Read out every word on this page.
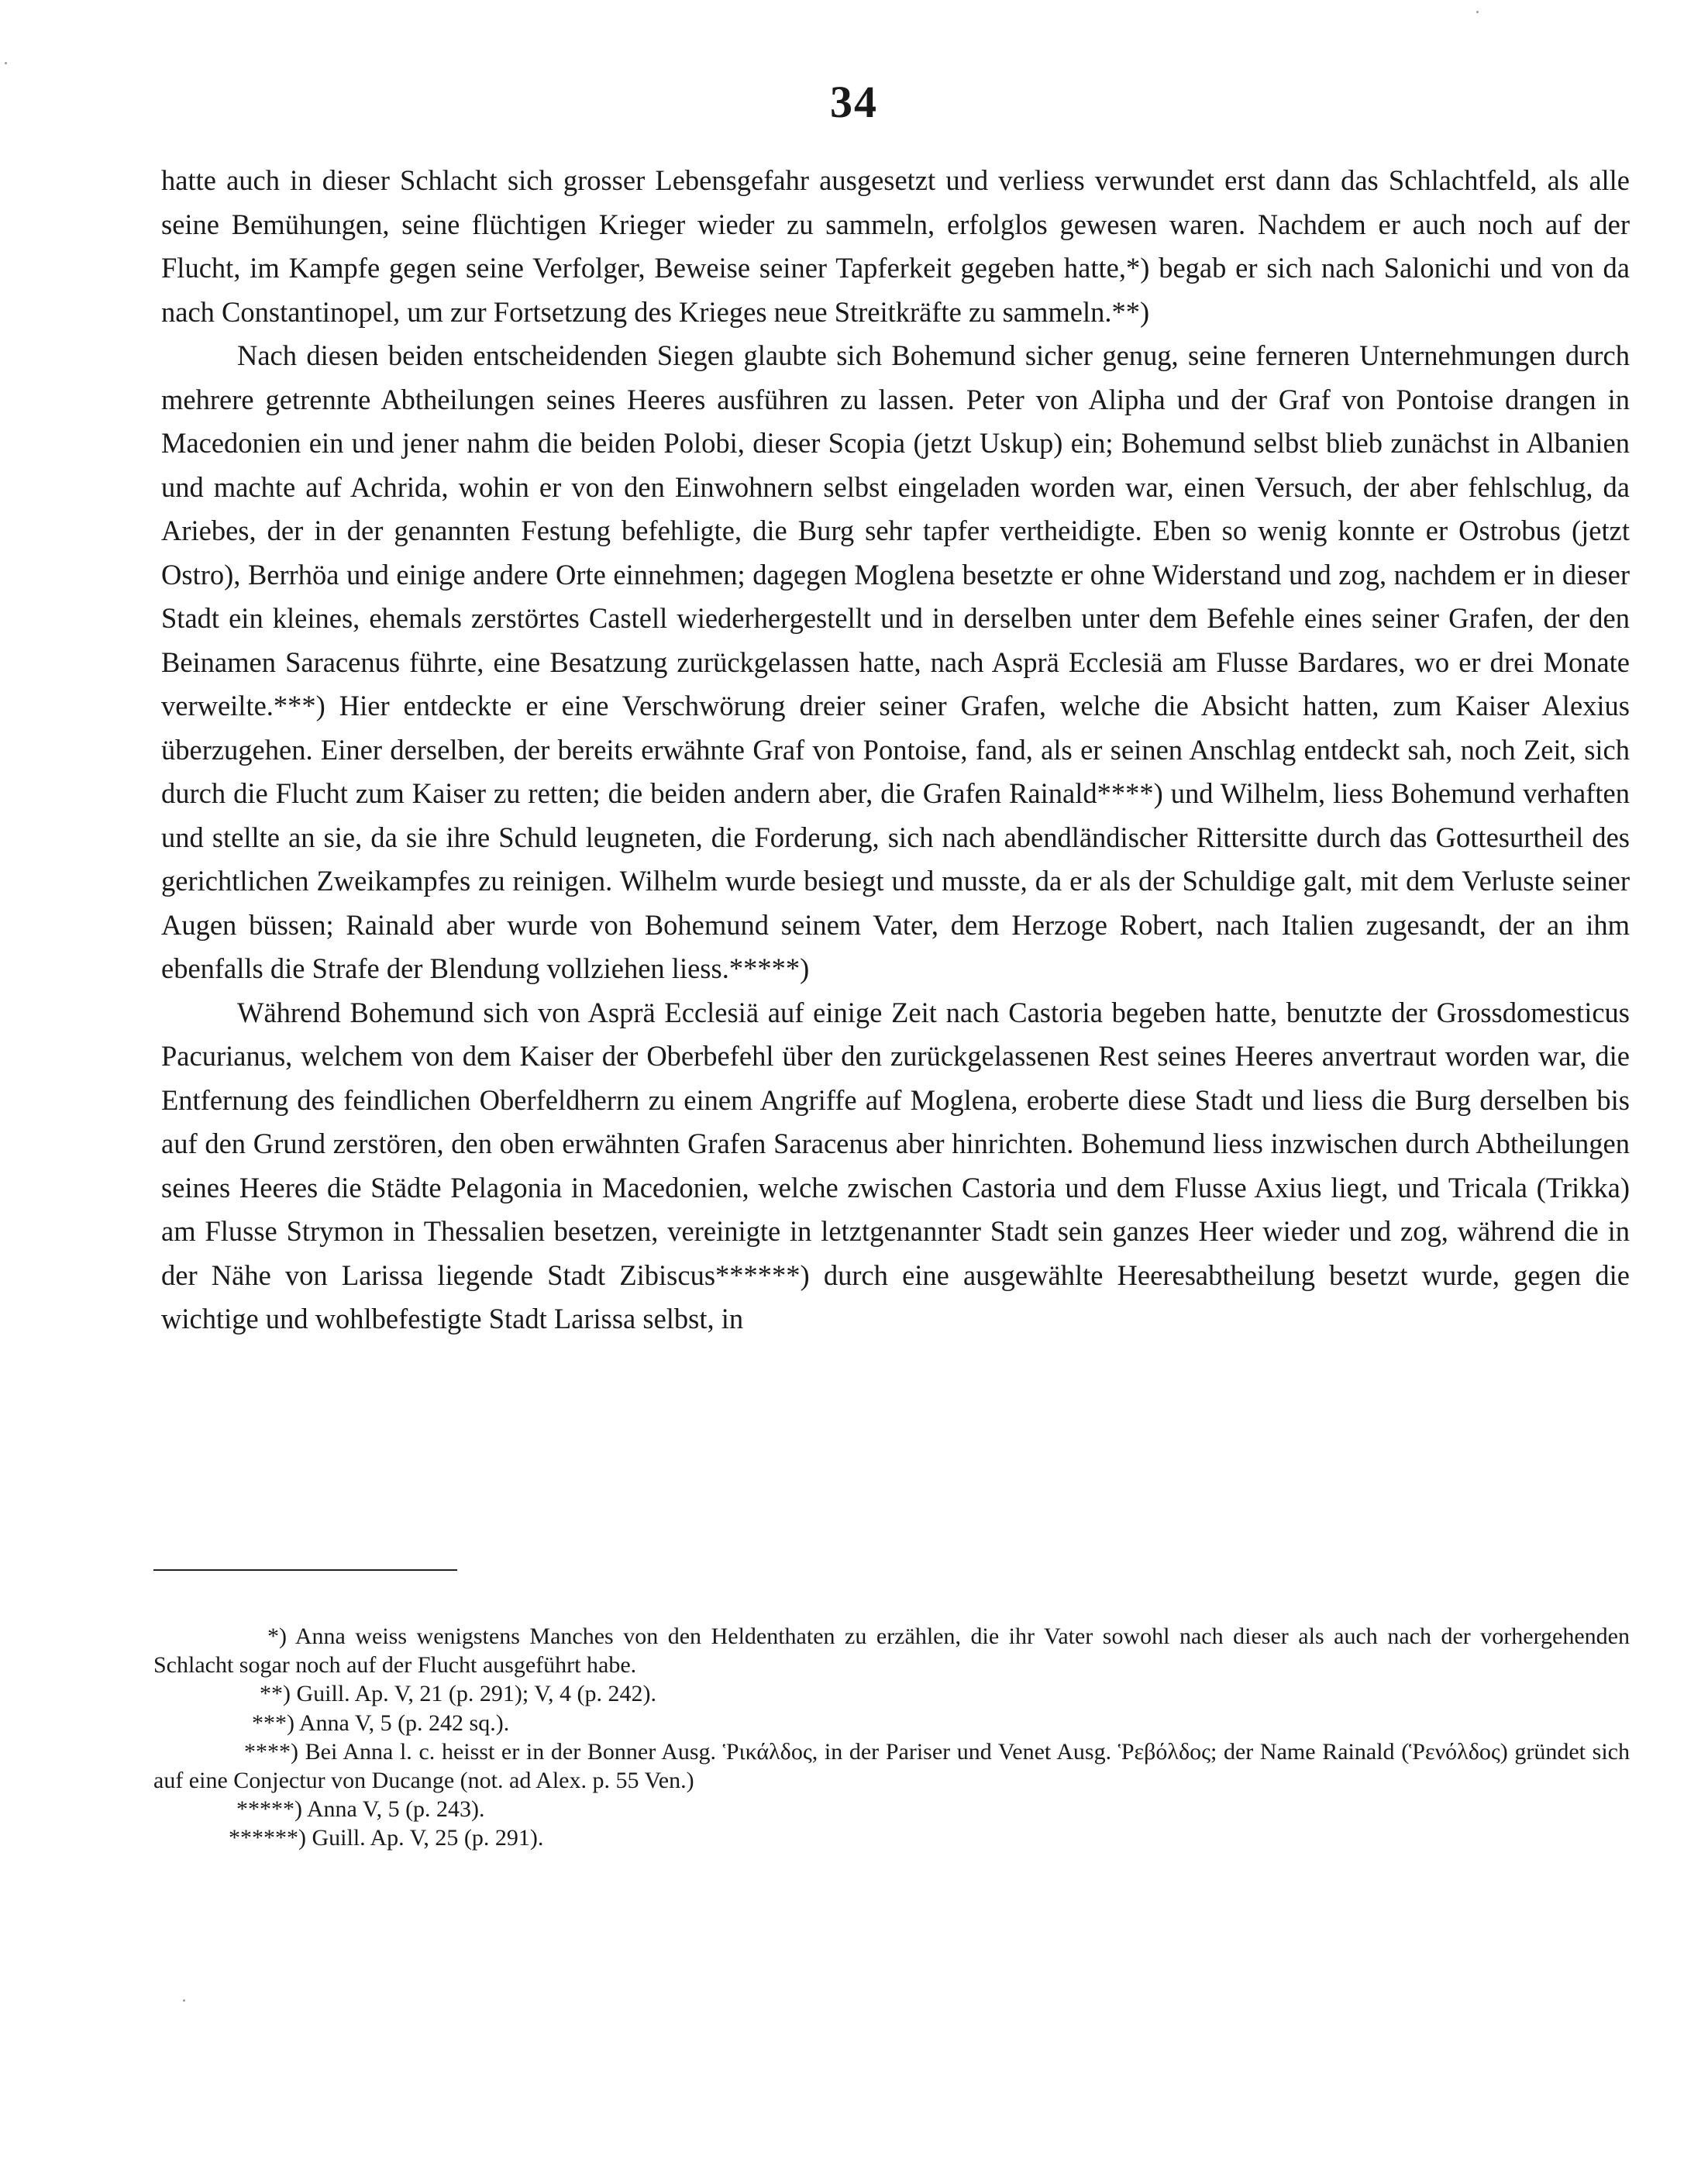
34

hatte auch in dieser Schlacht sich grosser Lebensgefahr ausgesetzt und verliess verwundet erst dann das Schlachtfeld, als alle seine Bemühungen, seine flüchtigen Krieger wieder zu sammeln, erfolglos gewesen waren. Nachdem er auch noch auf der Flucht, im Kampfe gegen seine Verfolger, Beweise seiner Tapferkeit gegeben hatte,*) begab er sich nach Salonichi und von da nach Constantinopel, um zur Fortsetzung des Krieges neue Streitkräfte zu sammeln.**)

Nach diesen beiden entscheidenden Siegen glaubte sich Bohemund sicher genug, seine ferneren Unternehmungen durch mehrere getrennte Abtheilungen seines Heeres ausführen zu lassen. Peter von Alipha und der Graf von Pontoise drangen in Macedonien ein und jener nahm die beiden Polobi, dieser Scopia (jetzt Uskup) ein; Bohemund selbst blieb zunächst in Albanien und machte auf Achrida, wohin er von den Einwohnern selbst eingeladen worden war, einen Versuch, der aber fehlschlug, da Ariebes, der in der genannten Festung befehligte, die Burg sehr tapfer vertheidigte. Eben so wenig konnte er Ostrobus (jetzt Ostro), Berrhöa und einige andere Orte einnehmen; dagegen Moglena besetzte er ohne Widerstand und zog, nachdem er in dieser Stadt ein kleines, ehemals zerstörtes Castell wiederhergestellt und in derselben unter dem Befehle eines seiner Grafen, der den Beinamen Saracenus führte, eine Besatzung zurückgelassen hatte, nach Asprä Ecclesiä am Flusse Bardares, wo er drei Monate verweilte.***) Hier entdeckte er eine Verschwörung dreier seiner Grafen, welche die Absicht hatten, zum Kaiser Alexius überzugehen. Einer derselben, der bereits erwähnte Graf von Pontoise, fand, als er seinen Anschlag entdeckt sah, noch Zeit, sich durch die Flucht zum Kaiser zu retten; die beiden andern aber, die Grafen Rainald****) und Wilhelm, liess Bohemund verhaften und stellte an sie, da sie ihre Schuld leugneten, die Forderung, sich nach abendländischer Rittersitte durch das Gottesurtheil des gerichtlichen Zweikampfes zu reinigen. Wilhelm wurde besiegt und musste, da er als der Schuldige galt, mit dem Verluste seiner Augen büssen; Rainald aber wurde von Bohemund seinem Vater, dem Herzoge Robert, nach Italien zugesandt, der an ihm ebenfalls die Strafe der Blendung vollziehen liess.*****)

Während Bohemund sich von Asprä Ecclesiä auf einige Zeit nach Castoria begeben hatte, benutzte der Grossdomesticus Pacurianus, welchem von dem Kaiser der Oberbefehl über den zurückgelassenen Rest seines Heeres anvertraut worden war, die Entfernung des feindlichen Oberfeldherrn zu einem Angriffe auf Moglena, eroberte diese Stadt und liess die Burg derselben bis auf den Grund zerstören, den oben erwähnten Grafen Saracenus aber hinrichten. Bohemund liess inzwischen durch Abtheilungen seines Heeres die Städte Pelagonia in Macedonien, welche zwischen Castoria und dem Flusse Axius liegt, und Tricala (Trikka) am Flusse Strymon in Thessalien besetzen, vereinigte in letztgenannter Stadt sein ganzes Heer wieder und zog, während die in der Nähe von Larissa liegende Stadt Zibiscus******) durch eine ausgewählte Heeresabtheilung besetzt wurde, gegen die wichtige und wohlbefestigte Stadt Larissa selbst, in

*) Anna weiss wenigstens Manches von den Heldenthaten zu erzählen, die ihr Vater sowohl nach dieser als auch nach der vorhergehenden Schlacht sogar noch auf der Flucht ausgeführt habe.

**) Guill. Ap. V, 21 (p. 291); V, 4 (p. 242).

***) Anna V, 5 (p. 242 sq.).

****) Bei Anna l. c. heisst er in der Bonner Ausg. Ῥικάλδος, in der Pariser und Venet Ausg. Ῥεβόλδος; der Name Rainald (Ῥενόλδος) gründet sich auf eine Conjectur von Ducange (not. ad Alex. p. 55 Ven.)

*****) Anna V, 5 (p. 243).

******) Guill. Ap. V, 25 (p. 291).
